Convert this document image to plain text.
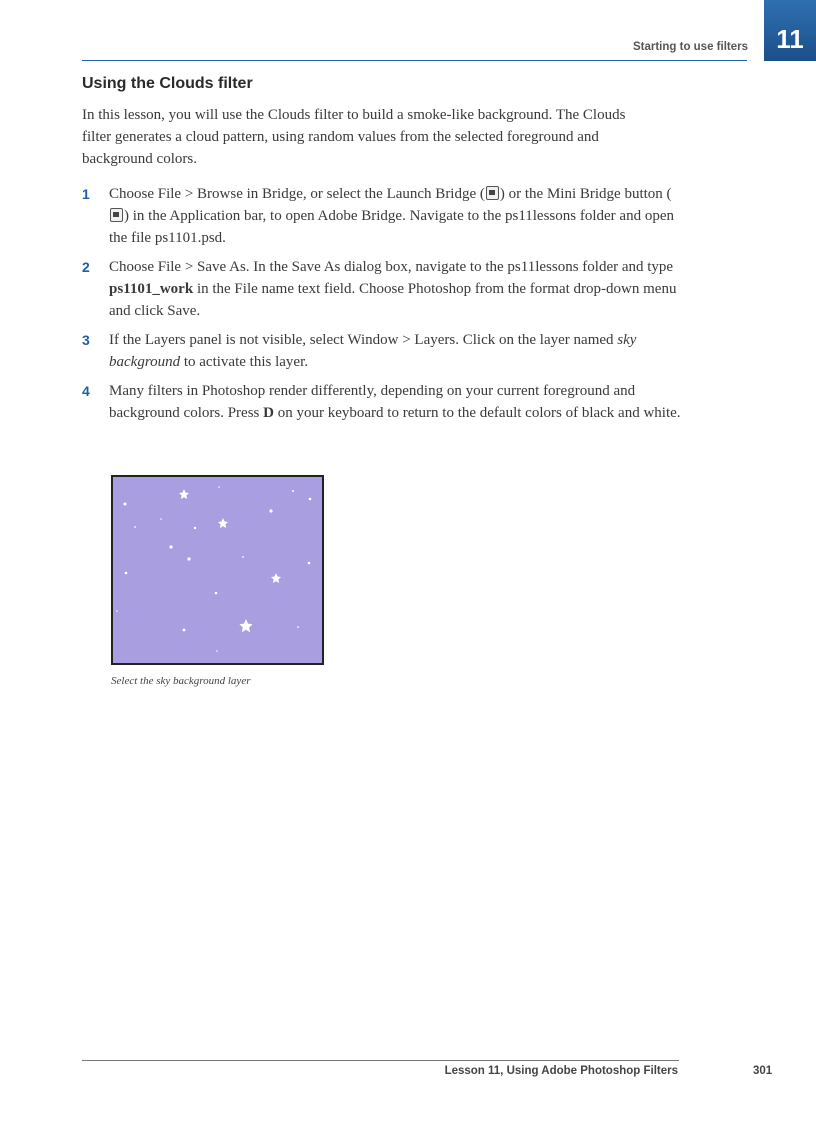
Starting to use filters	11
Using the Clouds filter

In this lesson, you will use the Clouds filter to build a smoke-like background. The Clouds filter generates a cloud pattern, using random values from the selected foreground and background colors.

1 Choose File > Browse in Bridge, or select the Launch Bridge ( ) or the Mini Bridge button () in the Application bar, to open Adobe Bridge. Navigate to the ps11lessons folder and open the file ps1101.psd.
2 Choose File > Save As. In the Save As dialog box, navigate to the ps11lessons folder and type ps1101_work in the File name text field. Choose Photoshop from the format drop-down menu and click Save.
3 If the Layers panel is not visible, select Window > Layers. Click on the layer named sky background to activate this layer.
4 Many filters in Photoshop render differently, depending on your current foreground and background colors. Press D on your keyboard to return to the default colors of black and white.

Select the sky background layer

Lesson 11, Using Adobe Photoshop Filters	301
